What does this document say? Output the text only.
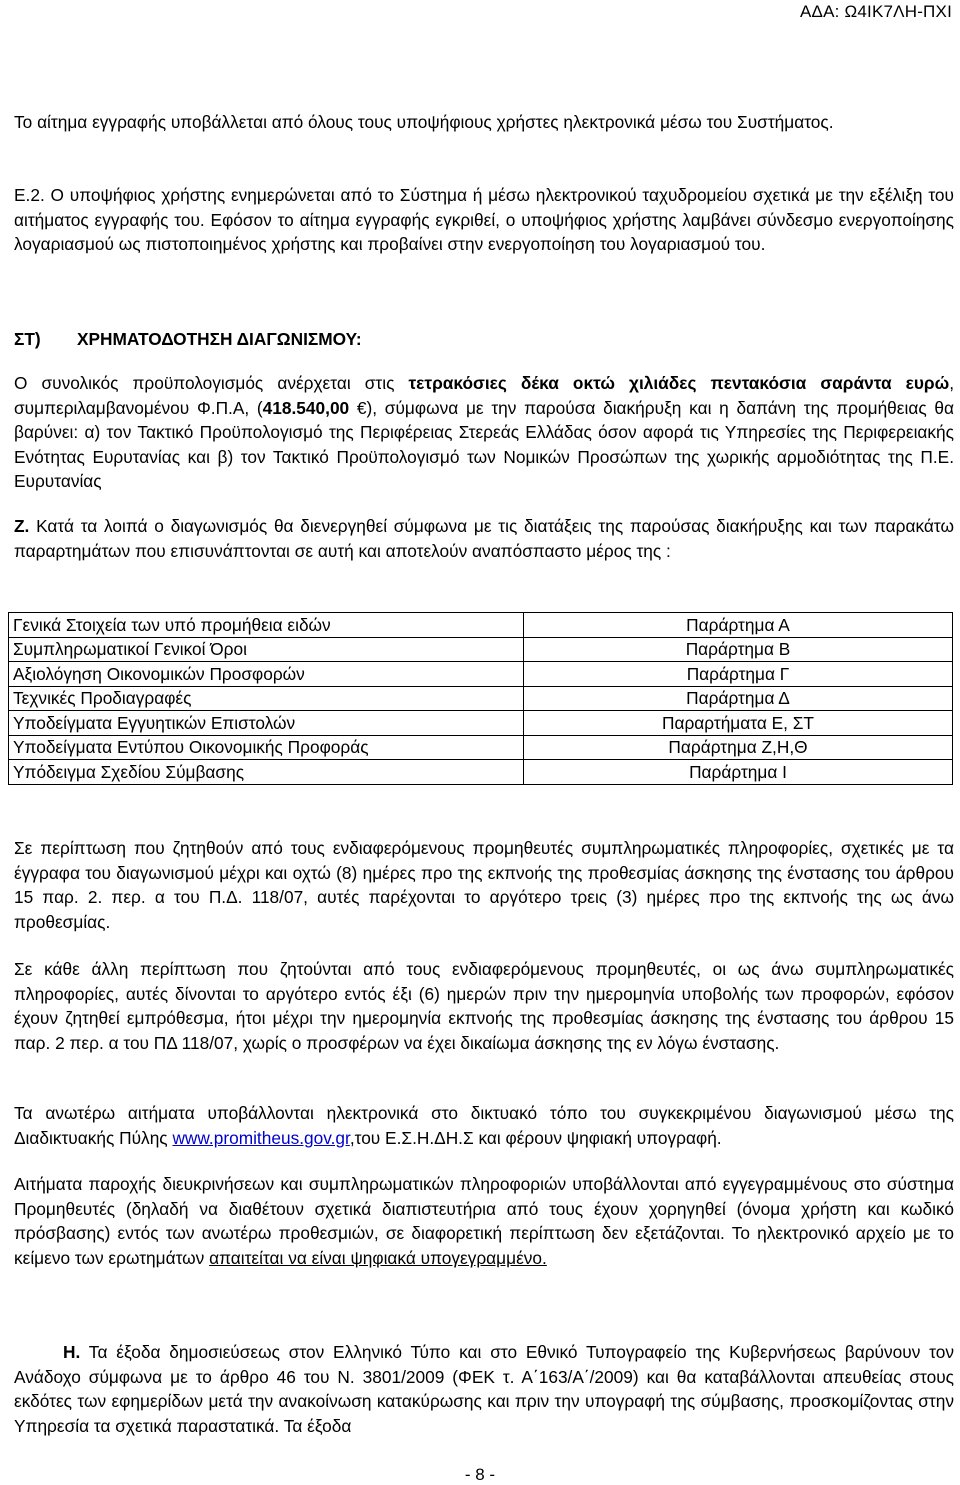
ΑΔΑ: Ω4ΙΚ7ΛΗ-ΠΧΙ

Το αίτημα εγγραφής υποβάλλεται από όλους τους υποψήφιους χρήστες ηλεκτρονικά μέσω του Συστήματος.

Ε.2. Ο υποψήφιος χρήστης ενημερώνεται από το Σύστημα ή μέσω ηλεκτρονικού ταχυδρομείου σχετικά με την εξέλιξη του αιτήματος εγγραφής του. Εφόσον το αίτημα εγγραφής εγκριθεί, ο υποψήφιος χρήστης λαμβάνει σύνδεσμο ενεργοποίησης λογαριασμού ως πιστοποιημένος χρήστης και προβαίνει στην ενεργοποίηση του λογαριασμού του.

ΣΤ) ΧΡΗΜΑΤΟΔΟΤΗΣΗ ΔΙΑΓΩΝΙΣΜΟΥ:

Ο συνολικός προϋπολογισμός ανέρχεται στις τετρακόσιες δέκα οκτώ χιλιάδες πεντακόσια σαράντα ευρώ, συμπεριλαμβανομένου Φ.Π.Α, (418.540,00 €), σύμφωνα με την παρούσα διακήρυξη και η δαπάνη της προμήθειας θα βαρύνει: α) τον Τακτικό Προϋπολογισμό της Περιφέρειας Στερεάς Ελλάδας όσον αφορά τις Υπηρεσίες της Περιφερειακής Ενότητας Ευρυτανίας και β) τον Τακτικό Προϋπολογισμό των Νομικών Προσώπων της χωρικής αρμοδιότητας της Π.Ε. Ευρυτανίας

Ζ. Κατά τα λοιπά ο διαγωνισμός θα διενεργηθεί σύμφωνα με τις διατάξεις της παρούσας διακήρυξης και των παρακάτω παραρτημάτων που επισυνάπτονται σε αυτή και αποτελούν αναπόσπαστο μέρος της :

Γενικά Στοιχεία των υπό προμήθεια ειδών	Παράρτημα Α
Συμπληρωματικοί Γενικοί Όροι	Παράρτημα Β
Αξιολόγηση Οικονομικών Προσφορών	Παράρτημα Γ
Τεχνικές Προδιαγραφές	Παράρτημα Δ
Υποδείγματα Εγγυητικών Επιστολών	Παραρτήματα Ε, ΣΤ
Υποδείγματα Εντύπου Οικονομικής Προφοράς	Παράρτημα Ζ,Η,Θ
Υπόδειγμα Σχεδίου Σύμβασης	Παράρτημα Ι

Σε περίπτωση που ζητηθούν από τους ενδιαφερόμενους προμηθευτές συμπληρωματικές πληροφορίες, σχετικές με τα έγγραφα του διαγωνισμού μέχρι και οχτώ (8) ημέρες προ της εκπνοής της προθεσμίας άσκησης της ένστασης του άρθρου 15 παρ. 2. περ. α του Π.Δ. 118/07, αυτές παρέχονται το αργότερο τρεις (3) ημέρες προ της εκπνοής της ως άνω προθεσμίας.

Σε κάθε άλλη περίπτωση που ζητούνται από τους ενδιαφερόμενους προμηθευτές, οι ως άνω συμπληρωματικές πληροφορίες, αυτές δίνονται το αργότερο εντός έξι (6) ημερών πριν την ημερομηνία υποβολής των προφορών, εφόσον έχουν ζητηθεί εμπρόθεσμα, ήτοι μέχρι την ημερομηνία εκπνοής της προθεσμίας άσκησης της ένστασης του άρθρου 15 παρ. 2 περ. α του ΠΔ 118/07, χωρίς ο προσφέρων να έχει δικαίωμα άσκησης της εν λόγω ένστασης.

Τα ανωτέρω αιτήματα υποβάλλονται ηλεκτρονικά στο δικτυακό τόπο του συγκεκριμένου διαγωνισμού μέσω της Διαδικτυακής Πύλης www.promitheus.gov.gr,του Ε.Σ.Η.ΔΗ.Σ και φέρουν ψηφιακή υπογραφή.

Αιτήματα παροχής διευκρινήσεων και συμπληρωματικών πληροφοριών υποβάλλονται από εγγεγραμμένους στο σύστημα Προμηθευτές (δηλαδή να διαθέτουν σχετικά διαπιστευτήρια από τους έχουν χορηγηθεί (όνομα χρήστη και κωδικό πρόσβασης) εντός των ανωτέρω προθεσμιών, σε διαφορετική περίπτωση δεν εξετάζονται. Το ηλεκτρονικό αρχείο με το κείμενο των ερωτημάτων απαιτείται να είναι ψηφιακά υπογεγραμμένο.

Η. Τα έξοδα δημοσιεύσεως στον Ελληνικό Τύπο και στο Εθνικό Τυπογραφείο της Κυβερνήσεως βαρύνουν τον Ανάδοχο σύμφωνα με το άρθρο 46 του Ν. 3801/2009 (ΦΕΚ τ. Α΄163/Α΄/2009) και θα καταβάλλονται απευθείας στους εκδότες των εφημερίδων μετά την ανακοίνωση κατακύρωσης και πριν την υπογραφή της σύμβασης, προσκομίζοντας στην Υπηρεσία τα σχετικά παραστατικά. Τα έξοδα

- 8 -
